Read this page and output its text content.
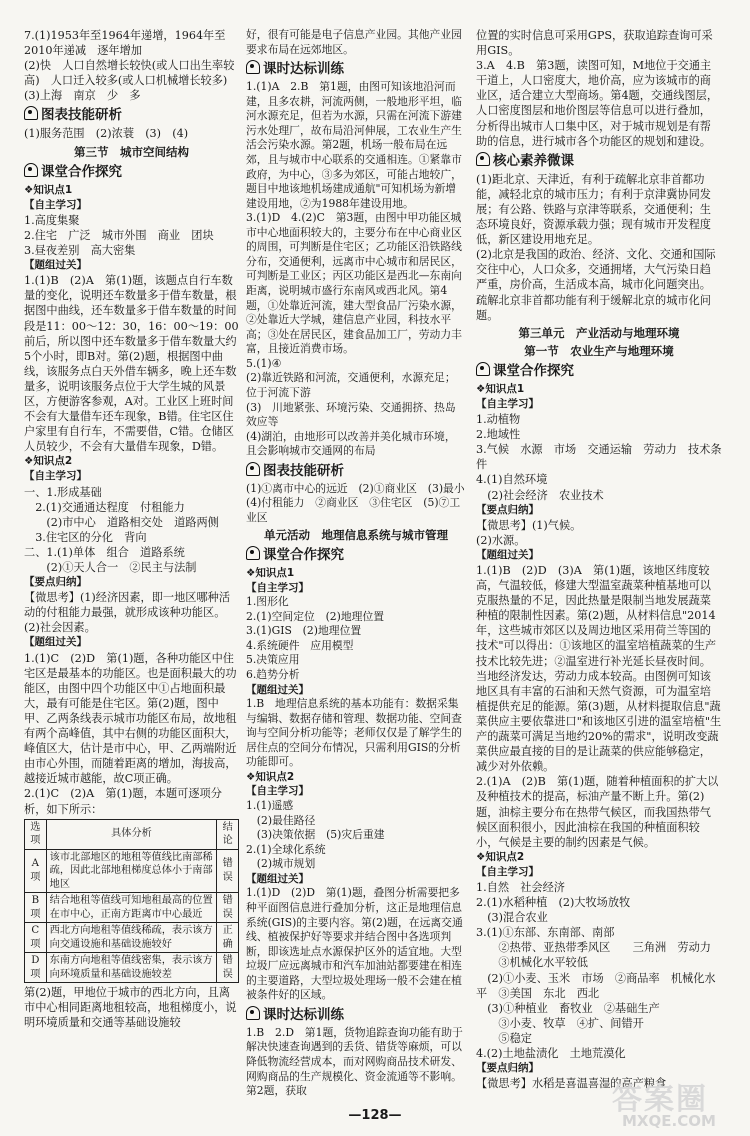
7.(1)1953年至1964年递增，1964年至2010年递减　逐年增加

(2)快　人口自然增长较快(或人口出生率较高)　人口迁入较多(或人口机械增长较多)

(3)上海　南京　少　多

图表技能研析

(1)服务范围　(2)浓蓑　(3)　(4)

第三节　城市空间结构
课堂合作探究
❖知识点1
【自主学习】

1.高度集聚

2.住宅　广泛　城市外围　商业　团块

3.昼夜差别　高大密集

【题组过关】

1.(1)B　(2)A　第(1)题，该题点自行车数量的变化，说明还车数量多于借车数量，根据图中曲线，还车数量多于借车数量的时间段是11：00～12：30，16：00～19：00前后，所以图中还车数量多于借车数量大约5个小时，即B对。第(2)题，根据图中曲线，该服务点白天外借车辆多，晚上还车数量多，说明该服务点位于大学生城的风景区，方便游客参观，A对。工业区上班时间不会有大量借车还车现象，B错。住宅区住户家里有自行车，不需要借，C错。仓储区人员较少，不会有大量借车现象，D错。

❖知识点2
【自主学习】

一、1.形成基础

　2.(1)交通通达程度　付租能力

　　(2)市中心　道路相交处　道路两侧

　3.住宅区的分化　背向

二、1.(1)单体　组合　道路系统

　　(2)①天人合一　②民主与法制

【要点归纳】

【微思考】(1)经济因素，即一地区哪种活动的付租能力最强，就形成该种功能区。(2)社会因素。

【题组过关】

1.(1)C　(2)D　第(1)题，各种功能区中住宅区是最基本的功能区。也是面积最大的功能区，由图中四个功能区中①占地面积最大，最有可能是住宅区。第(2)题，图中甲、乙两条线表示城市功能区布局，故地租有两个高峰值，其中右侧的功能区面积大，峰值区大，估计是市中心，甲、乙两端附近由市心外围，而随着距离的增加，海拔高，越接近城市越能，故C项正确。

2.(1)C　(2)A　第(1)题，本题可逐项分析，如下所示：

选项	具体分析	结论
A项	该市北部地区的地租等值线比南部稀疏，因此北部地租梯度总体小于南部地区	错误
B项	结合地租等值线可知地租最高的位置在市中心，正南方距离市中心最近	错误
C项	西北方向地租等值线稀疏，表示该方向交通设施和基础设施较好	正确
D项	东南方向地租等值线密集，表示该方向环境质量和基础设施较差	错误

第(2)题，甲地位于城市的西北方向，且离市中心相同距离地租较高，地租梯度小，说明环境质量和交通等基础设施较

好，很有可能是电子信息产业园。其他产业园要求布局在远郊地区。

课时达标训练

1.(1)A　2.B　第1题，由图可知该地沿河而建，且多农耕，河流两侧，一般地形平坦，临河水源充足，但若为水源，只需在河流下游建污水处理厂，故布局沿河伸展，工农业生产生活会污染水源。第2题，机场一般布局在远郊，且与城市中心联系的交通相连。①紧靠市政府，为中心，③多为郊区，可能占地较广，题目中地该地机场建成通航"可知机场为新增建设用地，②为1988年建设用地。

3.(1)D　4.(2)C　第3题，由图中甲功能区城市中心地面积较大的，主要分布在中心商业区的周围，可判断是住宅区；乙功能区沿铁路线分布，交通便利，远离市中心城市和居民区，可判断是工业区；丙区功能区是西北—东南向距离，说明城市盛行东南风或西北风。第4题，①处靠近河流，建大型食品厂污染水源，②处靠近大学城，建信息产业园，科技水平高；③处在居民区，建食品加工厂，劳动力丰富，且接近消费市场。

5.(1)④

(2)靠近铁路和河流，交通便利，水源充足；位于河流下游

(3)　川地紧张、环境污染、交通拥挤、热岛效应等

(4)湖泊，由地形可以改善并美化城市环境，且会影响城市交通网的布局

图表技能研析

(1)①离市中心的远近　(2)①商业区　(3)最小　(4)付租能力　②商业区　③住宅区　(5)⑦工业区

单元活动　地理信息系统与城市管理
课堂合作探究
❖知识点1
【自主学习】

1.图形化

2.(1)空间定位　(2)地理位置

3.(1)GIS　(2)地理位置

4.系统硬件　应用模型

5.决策应用

6.趋势分析

【题组过关】

1.B　地理信息系统的基本功能有：数据采集与编辑、数据存储和管理、数据功能、空间查询与空间分析功能等；老师仅仅是了解学生的居住点的空间分布情况，只需利用GIS的分析功能即可。

❖知识点2
【自主学习】

1.(1)遥感

　(2)最佳路径

　(3)决策依据　(5)灾后重建

2.(1)全球化系统

　(2)城市规划

【题组过关】

1.(1)D　(2)D　第(1)题，叠图分析需要把多种平面图信息进行叠加分析，这正是地理信息系统(GIS)的主要内容。第(2)题，在远离交通线、植被保护好等要求并结合图中各选项判断，即该选址点水源保护区外的适宜地。大型垃圾厂应远离城市和汽车加油站都要建在相连的主要道路，大型垃圾处理场一般不会建在植被条件好的区域。

课时达标训练

1.B　2.D　第1题，货物追踪查询功能有助于解决快速查询遇到的丢货、错货等麻烦，可以降低物流经营成本，而对网购商品技术研发、网购商品的生产规模化、资金流通等不影响。第2题，获取

位置的实时信息可采用GPS，获取追踪查询可采用GIS。

3.A　4.B　第3题，读图可知，M地位于交通主干道上，人口密度大，地价高，应为该城市的商业区，适合建立大型商场。第4题，交通线图层，人口密度图层和地价图层等信息可以进行叠加，分析得出城市人口集中区，对于城市规划是有帮助的信息，进行城市各个功能区的规划和建设。

核心素养微课

(1)距北京、天津近，有利于疏解北京非首都功能，减轻北京的城市压力；有利于京津冀协同发展；有公路、铁路与京津等联系，交通便利；生态环境良好，资源承载力强；现有城市开发程度低，新区建设用地充足。

(2)北京是我国的政治、经济、文化、交通和国际交往中心，人口众多，交通拥堵，大气污染日趋严重，房价高，生活成本高，城市化问题突出。疏解北京非首都功能有利于缓解北京的城市化问题。

第三单元　产业活动与地理环境
第一节　农业生产与地理环境
课堂合作探究
❖知识点1
【自主学习】

1.动植物

2.地域性

3.气候　水源　市场　交通运输　劳动力　技术条件

4.(1)自然环境

　(2)社会经济　农业技术

【要点归纳】

【微思考】(1)气候。

(2)水源。

【题组过关】

1.(1)B　(2)D　(3)A　第(1)题，该地区纬度较高，气温较低，修建大型温室蔬菜种植基地可以克服热量的不足，因此热量是限制当地发展蔬菜种植的限制性因素。第(2)题，从材料信息"2014年，这些城市郊区以及周边地区采用荷兰等国的技术"可以得出：①该地区的温室培植蔬菜的生产技术比较先进；②温室进行补光延长昼夜时间。当地经济发达，劳动力成本较高。由图例可知该地区具有丰富的石油和天然气资源，可为温室培植提供充足的能源。第(3)题，从材料提取信息"蔬菜供应主要依靠进口"和该地区引进的温室培植"生产的蔬菜可满足当地约20%的需求"，说明改变蔬菜供应最直接的目的是让蔬菜的供应能够稳定，减少对外依赖。

2.(1)A　(2)B　第(1)题，随着种植面积的扩大以及种植技术的提高，标油产量不断上升。第(2)题，油棕主要分布在热带气候区，而我国热带气候区面积很小，因此油棕在我国的种植面积较小，气候是主要的制约因素是气候。

❖知识点2
【自主学习】

1.自然　社会经济

2.(1)水稻种植　(2)大牧场放牧

　(3)混合农业

3.(1)①东部、东南部、南部

　　②热带、亚热带季风区　　三角洲　劳动力

　　③机械化水平较低

　(2)①小麦、玉米　市场　②商品率　机械化水平　③美国　东北　西北

　(3)①种植业　畜牧业　②基础生产

　　③小麦、牧草　④扩、间错开

　　⑤稳定

4.(2)土地盐渍化　土地荒漠化

【要点归纳】

【微思考】水稻是喜温喜湿的高产粮食

—128—	答案圈
MXQE.COM
